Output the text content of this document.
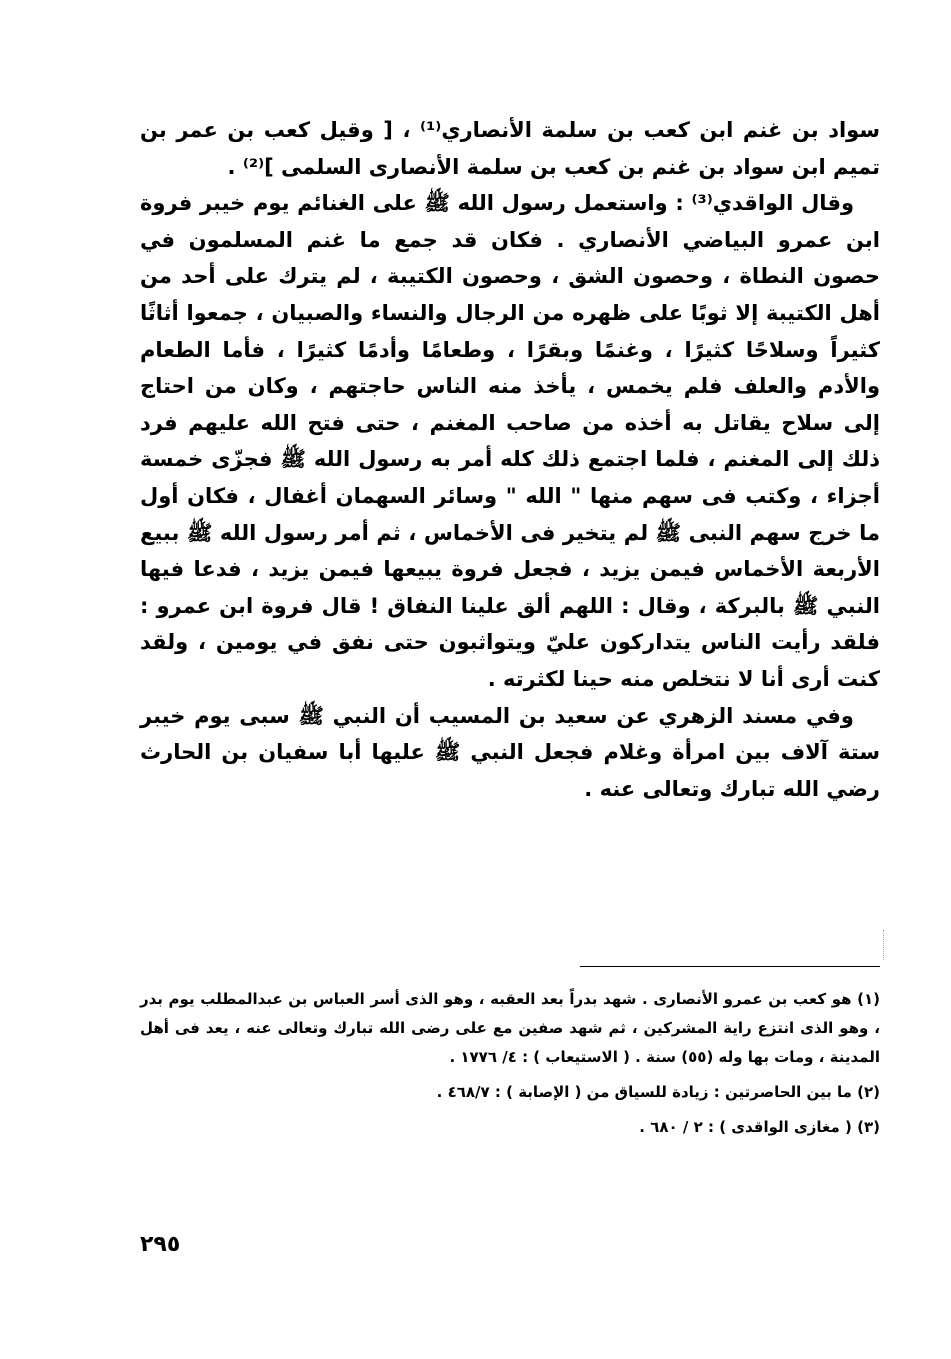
سواد بن غنم ابن كعب بن سلمة الأنصاري⁽¹⁾ ، [ وقيل كعب بن عمر بن تميم ابن سواد بن غنم بن كعب بن سلمة الأنصارى السلمى ]⁽²⁾ .

وقال الواقدي⁽³⁾ : واستعمل رسول الله ﷺ على الغنائم يوم خيبر فروة ابن عمرو البياضي الأنصاري . فكان قد جمع ما غنم المسلمون في حصون النطاة ، وحصون الشق ، وحصون الكتيبة ، لم يترك على أحد من أهل الكتيبة إلا ثوبًا على ظهره من الرجال والنساء والصبيان ، جمعوا أثاثًا كثيراً وسلاحًا كثيرًا ، وغنمًا وبقرًا ، وطعامًا وأدمًا كثيرًا ، فأما الطعام والأدم والعلف فلم يخمس ، يأخذ منه الناس حاجتهم ، وكان من احتاج إلى سلاح يقاتل به أخذه من صاحب المغنم ، حتى فتح الله عليهم فرد ذلك إلى المغنم ، فلما اجتمع ذلك كله أمر به رسول الله ﷺ فجزّى خمسة أجزاء ، وكتب فى سهم منها " الله " وسائر السهمان أغفال ، فكان أول ما خرج سهم النبى ﷺ لم يتخير فى الأخماس ، ثم أمر رسول الله ﷺ ببيع الأربعة الأخماس فيمن يزيد ، فجعل فروة يبيعها فيمن يزيد ، فدعا فيها النبي ﷺ بالبركة ، وقال : اللهم ألق علينا النفاق ! قال فروة ابن عمرو : فلقد رأيت الناس يتداركون عليّ ويتواثبون حتى نفق في يومين ، ولقد كنت أرى أنا لا نتخلص منه حينا لكثرته .

وفي مسند الزهري عن سعيد بن المسيب أن النبي ﷺ سبى يوم خيبر ستة آلاف بين امرأة وغلام فجعل النبي ﷺ عليها أبا سفيان بن الحارث رضي الله تبارك وتعالى عنه .

(١) هو كعب بن عمرو الأنصارى . شهد بدراً بعد العقبه ، وهو الذى أسر العباس بن عبدالمطلب يوم بدر ، وهو الذى انتزع راية المشركين ، ثم شهد صفين مع على رضى الله تبارك وتعالى عنه ، يعد فى أهل المدينة ، ومات بها وله (٥٥) سنة . ( الاستيعاب ) : ٤/ ١٧٧٦ .

(٢) ما بين الحاصرتين : زيادة للسياق من ( الإصابة ) : ٤٦٨/٧ .

(٣) ( مغازى الواقدى ) : ٢ / ٦٨٠ .

٢٩٥
